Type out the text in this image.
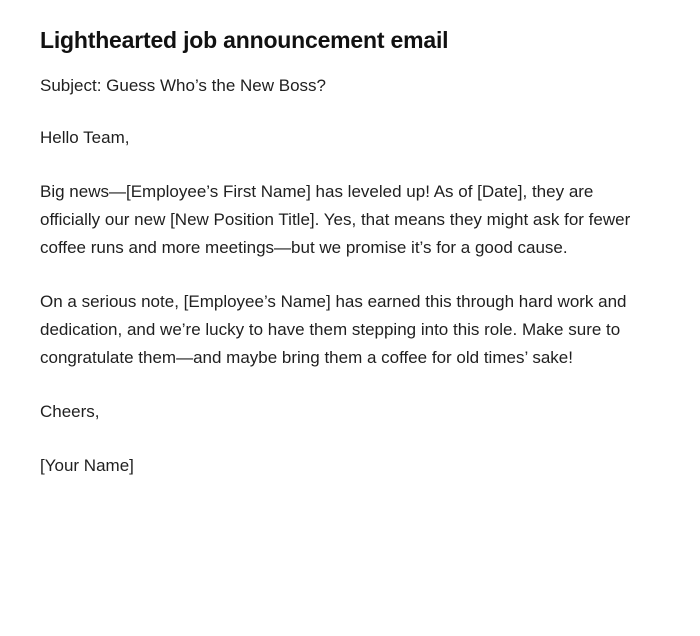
Lighthearted job announcement email

Subject: Guess Who’s the New Boss?

Hello Team,

Big news—[Employee’s First Name] has leveled up! As of [Date], they are officially our new [New Position Title]. Yes, that means they might ask for fewer coffee runs and more meetings—but we promise it’s for a good cause.

On a serious note, [Employee’s Name] has earned this through hard work and dedication, and we’re lucky to have them stepping into this role. Make sure to congratulate them—and maybe bring them a coffee for old times’ sake!

Cheers,

[Your Name]
